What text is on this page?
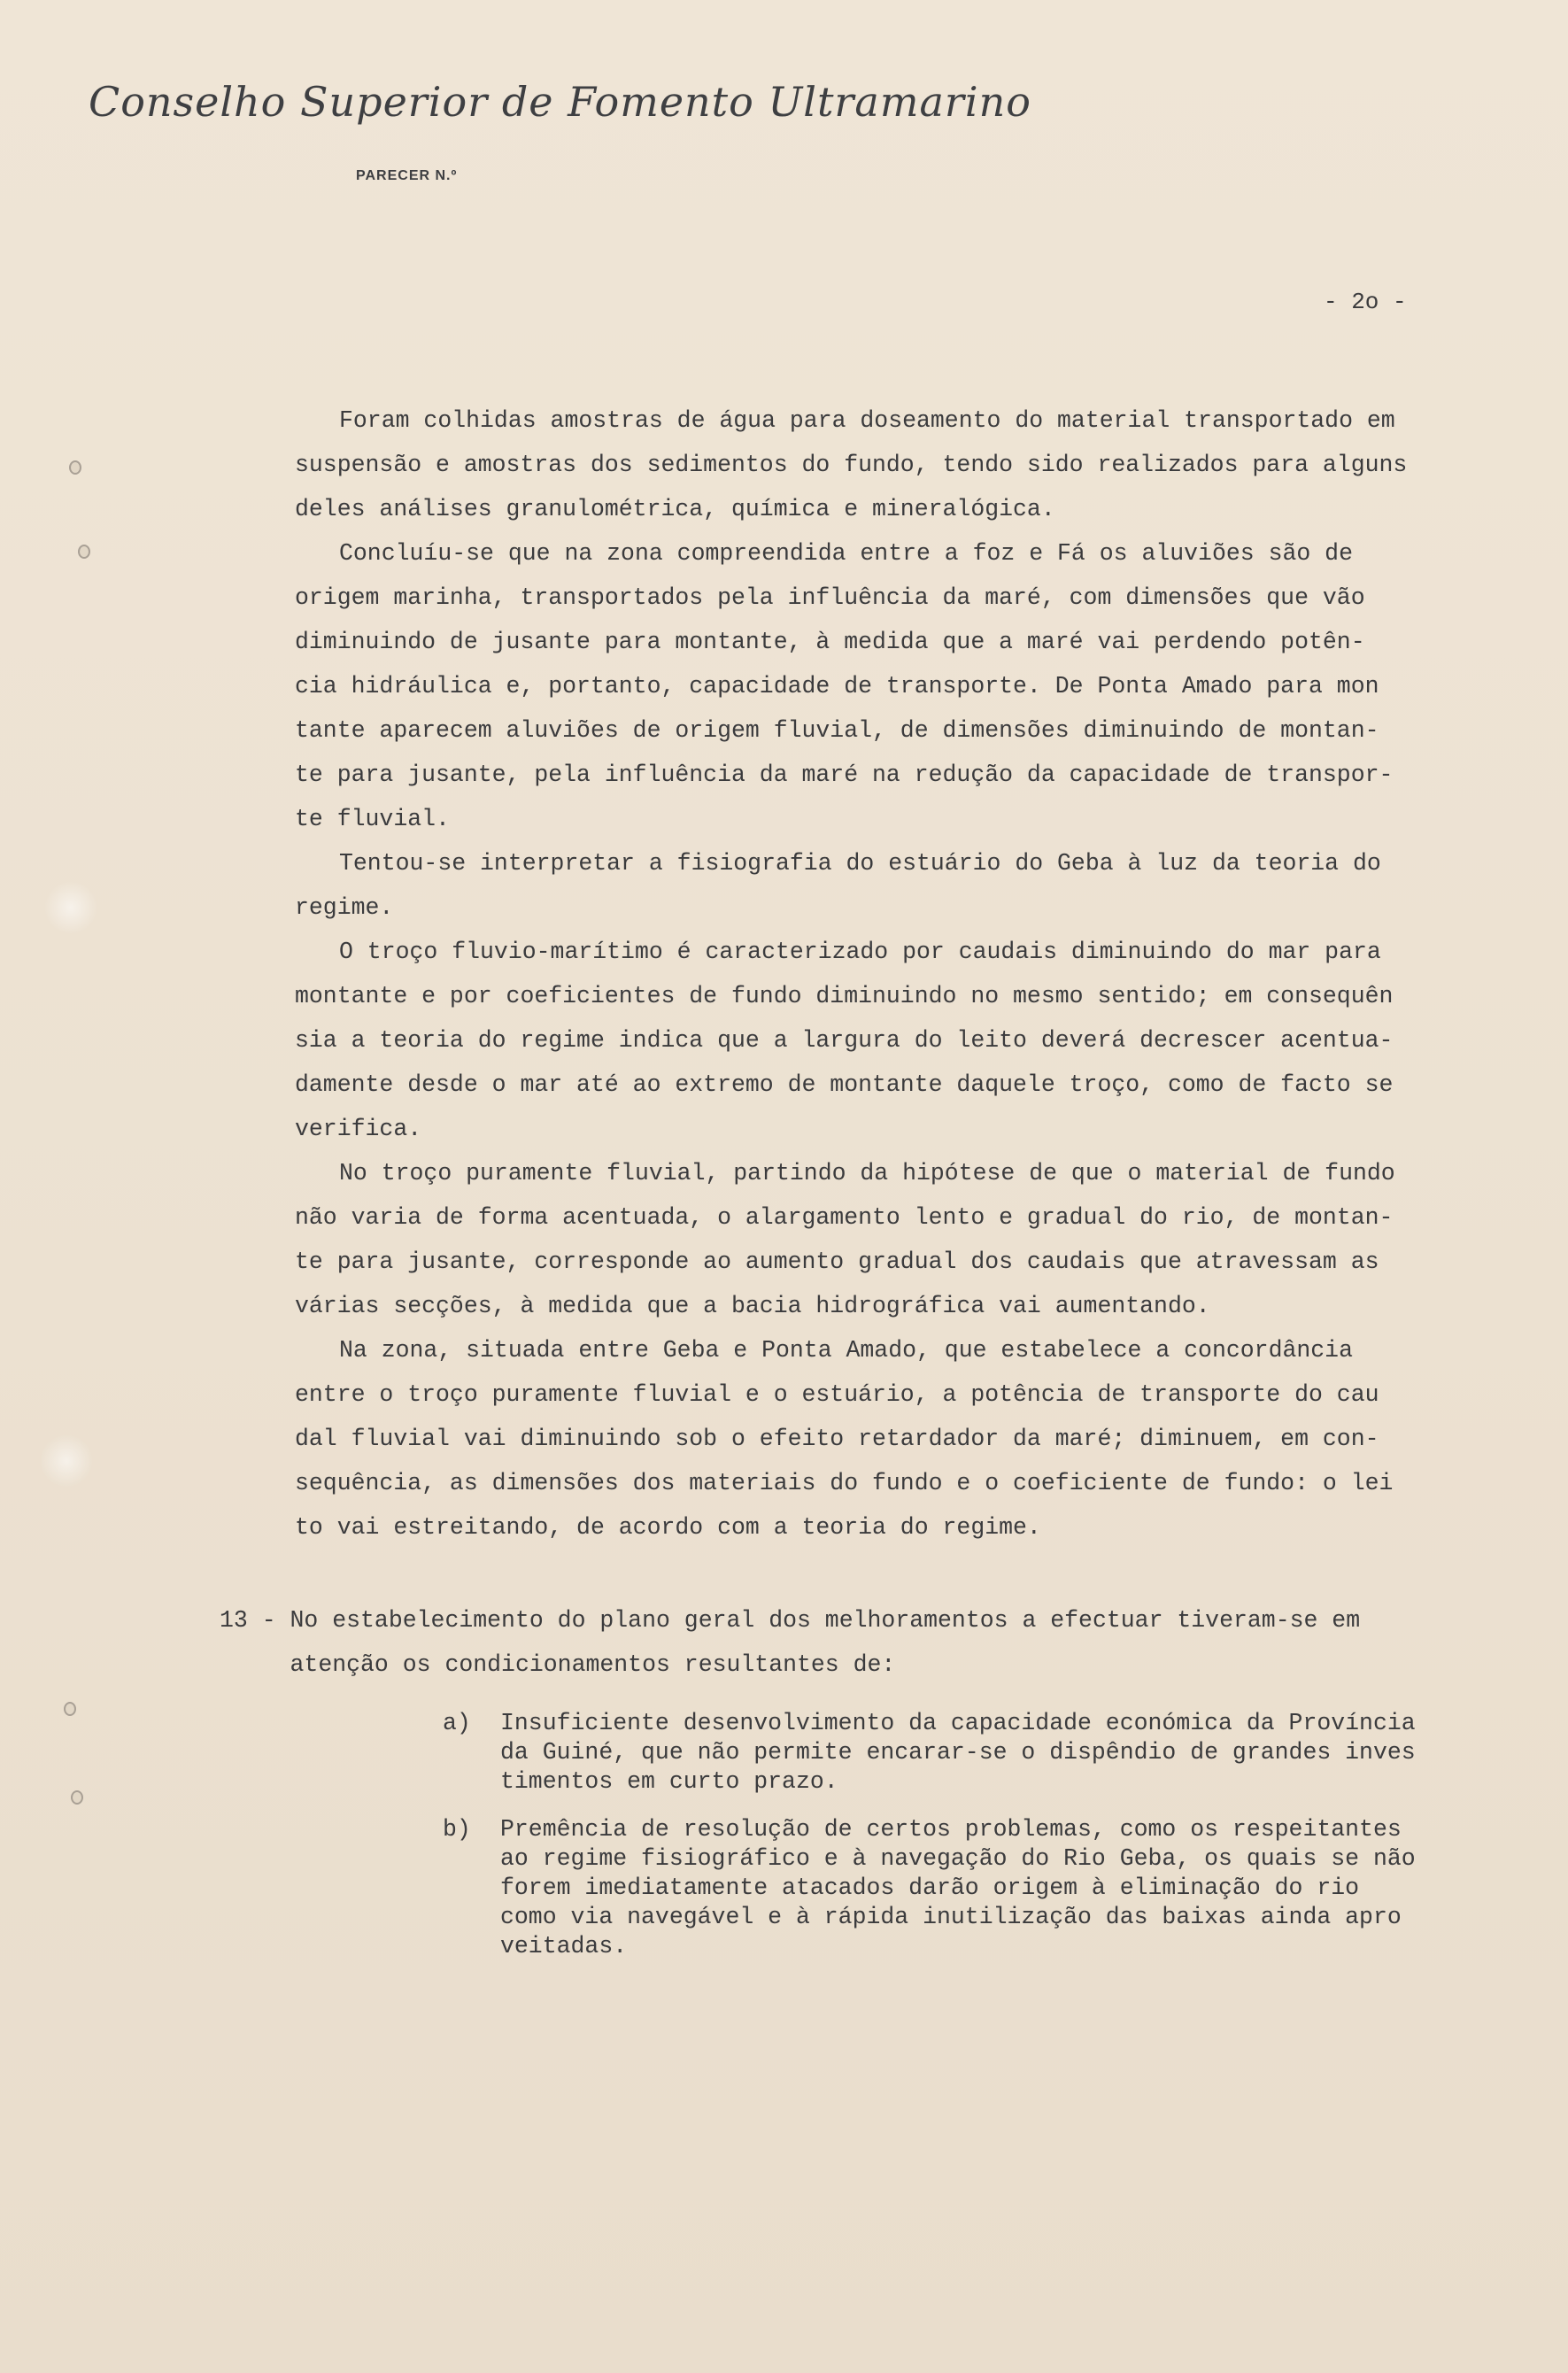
Conselho Superior de Fomento Ultramarino
PARECER N.º
- 2o -
Foram colhidas amostras de água para doseamento do material transportado em
suspensão e amostras dos sedimentos do fundo, tendo sido realizados para alguns
deles análises granulométrica, química e mineralógica.
Concluíu-se que na zona compreendida entre a foz e Fá os aluviões são de
origem marinha, transportados pela influência da maré, com dimensões que vão
diminuindo de jusante para montante, à medida que a maré vai perdendo potên-
cia hidráulica e, portanto, capacidade de transporte. De Ponta Amado para mon
tante aparecem aluviões de origem fluvial, de dimensões diminuindo de montan-
te para jusante, pela influência da maré na redução da capacidade de transpor-
te fluvial.
Tentou-se interpretar a fisiografia do estuário do Geba à luz da teoria do
regime.
O troço fluvio-marítimo é caracterizado por caudais diminuindo do mar para
montante e por coeficientes de fundo diminuindo no mesmo sentido; em consequên
sia a teoria do regime indica que a largura do leito deverá decrescer acentua-
damente desde o mar até ao extremo de montante daquele troço, como de facto se
verifica.
No troço puramente fluvial, partindo da hipótese de que o material de fundo
não varia de forma acentuada, o alargamento lento e gradual do rio, de montan-
te para jusante, corresponde ao aumento gradual dos caudais que atravessam as
várias secções, à medida que a bacia hidrográfica vai aumentando.
Na zona, situada entre Geba e Ponta Amado, que estabelece a concordância
entre o troço puramente fluvial e o estuário, a potência de transporte do cau
dal fluvial vai diminuindo sob o efeito retardador da maré; diminuem, em con-
sequência, as dimensões dos materiais do fundo e o coeficiente de fundo: o lei
to vai estreitando, de acordo com a teoria do regime.
13 - No estabelecimento do plano geral dos melhoramentos a efectuar tiveram-se em
atenção os condicionamentos resultantes de:
a) Insuficiente desenvolvimento da capacidade económica da Província
da Guiné, que não permite encarar-se o dispêndio de grandes inves
timentos em curto prazo.
b) Premência de resolução de certos problemas, como os respeitantes
ao regime fisiográfico e à navegação do Rio Geba, os quais se não
forem imediatamente atacados darão origem à eliminação do rio
como via navegável e à rápida inutilização das baixas ainda apro
veitadas.
